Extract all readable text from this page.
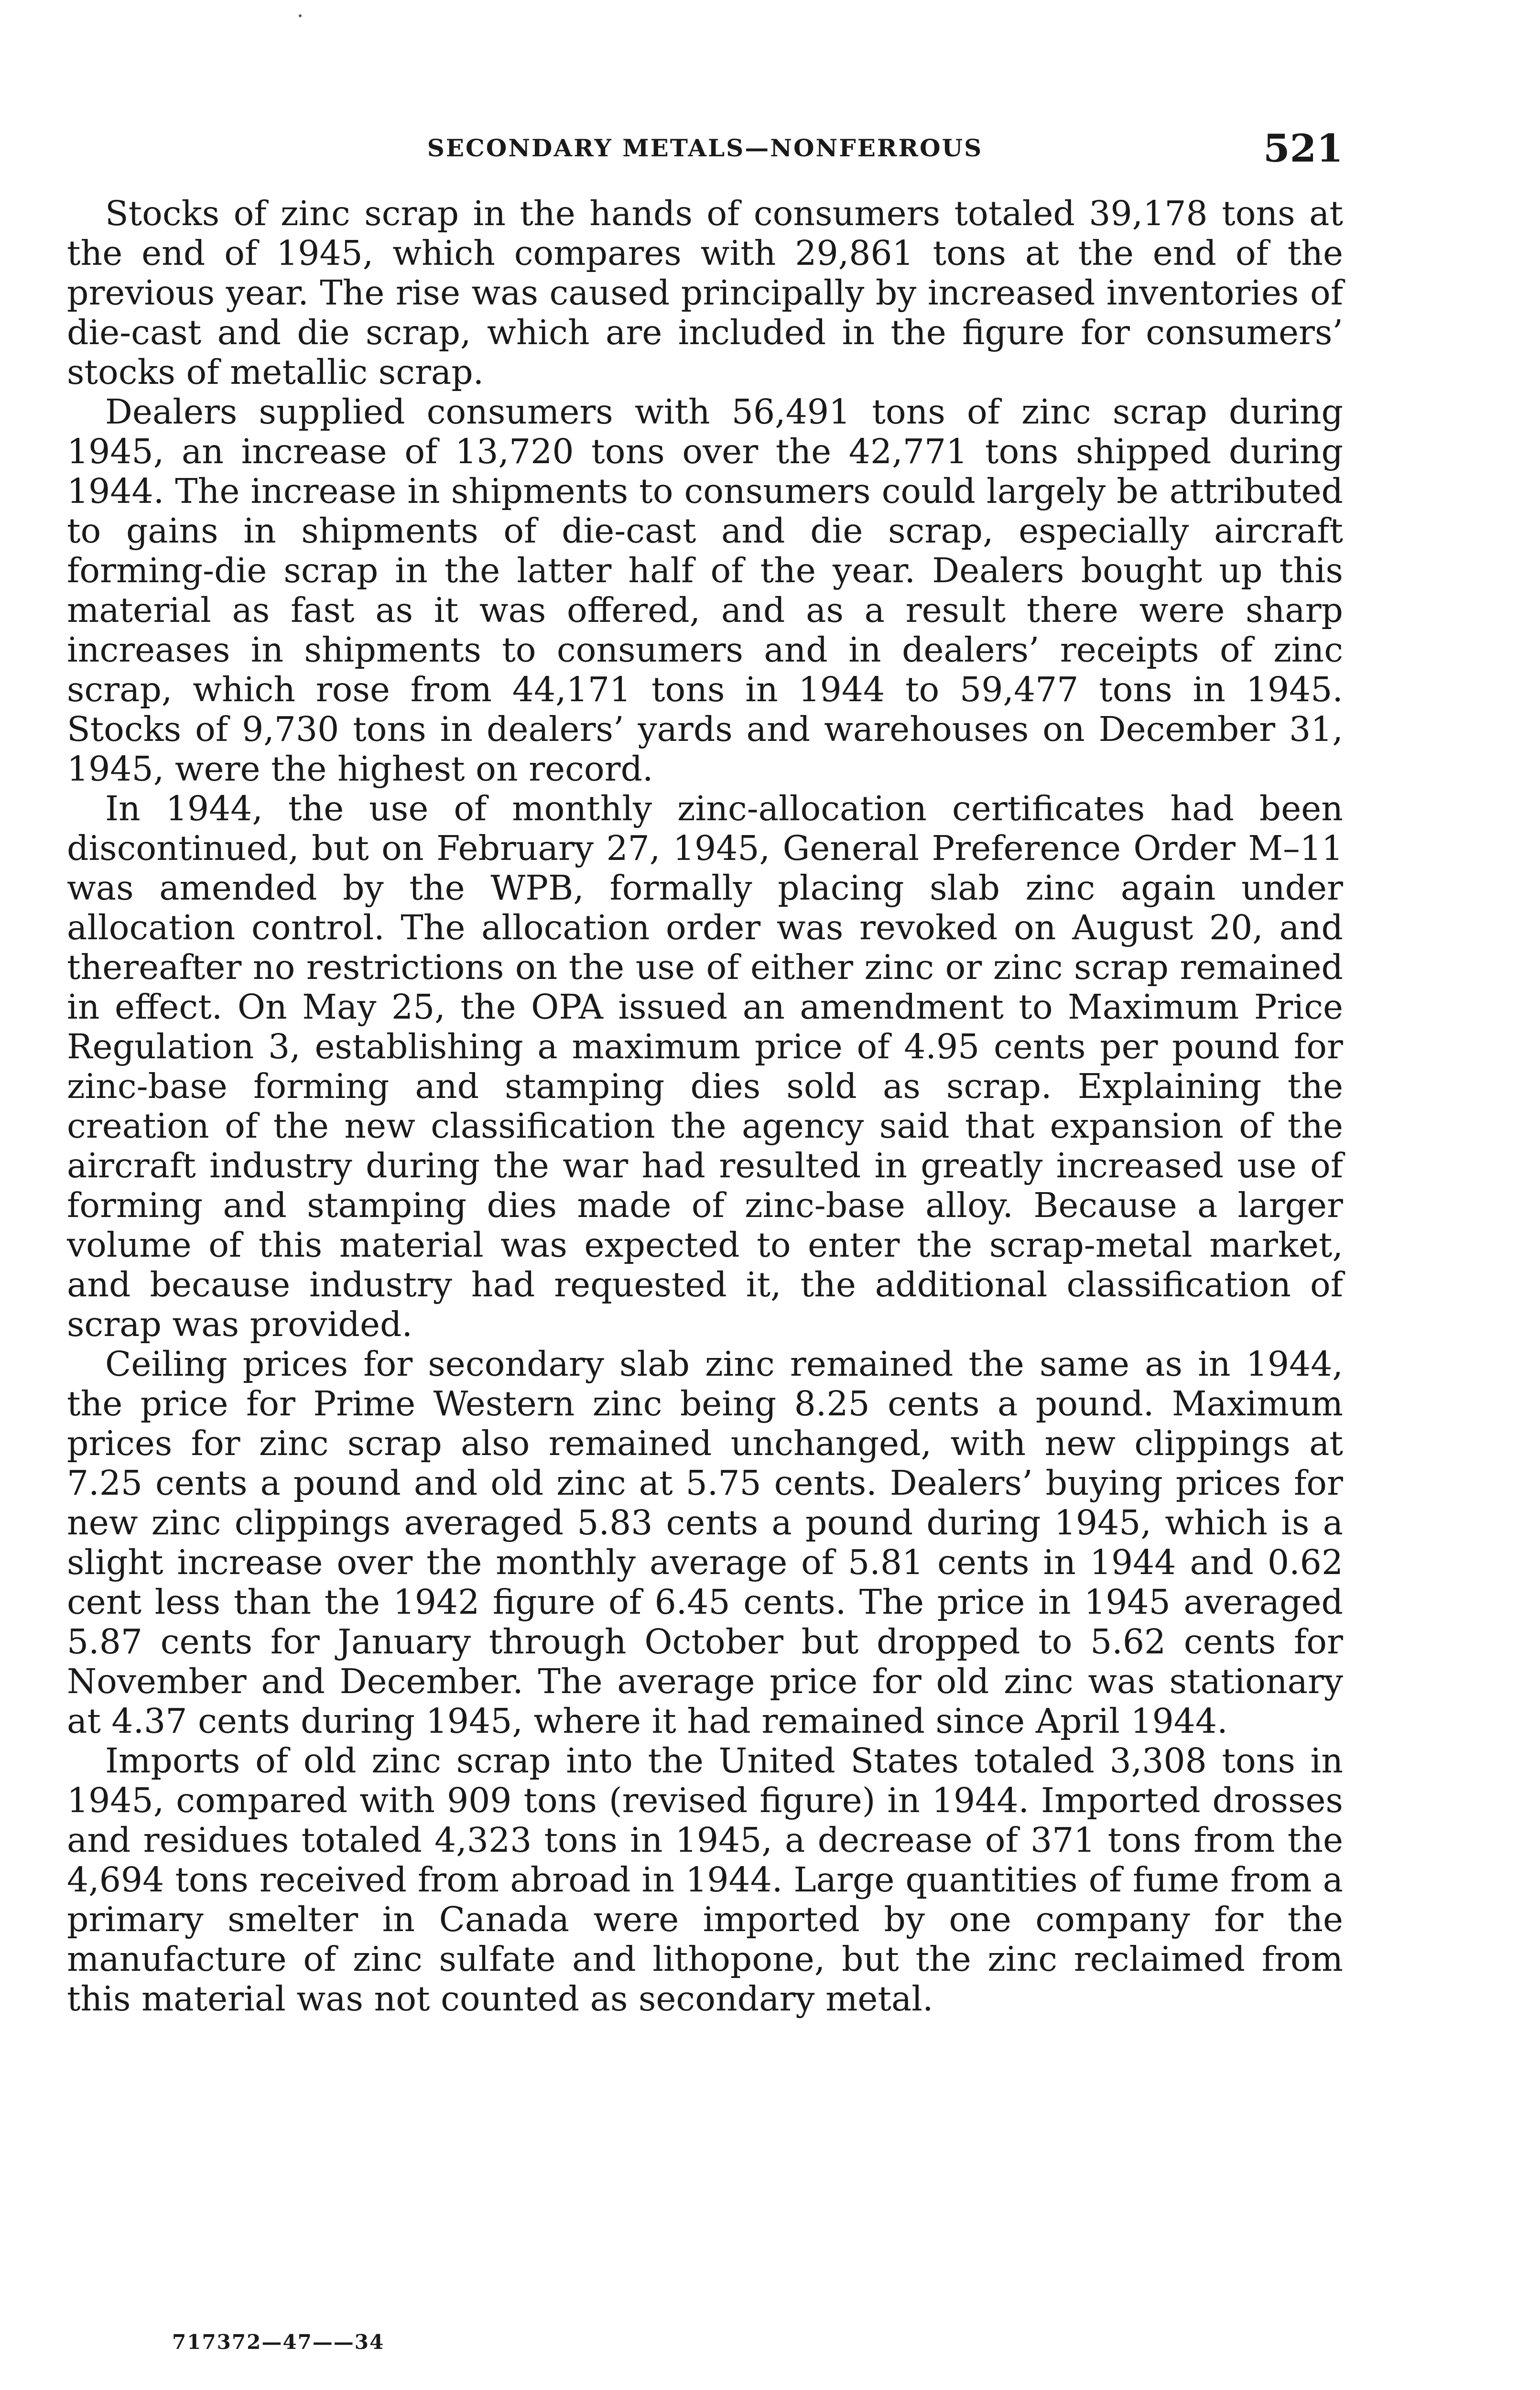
SECONDARY METALS—NONFERROUS	521

Stocks of zinc scrap in the hands of consumers totaled 39,178 tons at the end of 1945, which compares with 29,861 tons at the end of the previous year. The rise was caused principally by increased inventories of die-cast and die scrap, which are included in the figure for consumers’ stocks of metallic scrap.

Dealers supplied consumers with 56,491 tons of zinc scrap during 1945, an increase of 13,720 tons over the 42,771 tons shipped during 1944. The increase in shipments to consumers could largely be attributed to gains in shipments of die-cast and die scrap, especially aircraft forming-die scrap in the latter half of the year. Dealers bought up this material as fast as it was offered, and as a result there were sharp increases in shipments to consumers and in dealers’ receipts of zinc scrap, which rose from 44,171 tons in 1944 to 59,477 tons in 1945. Stocks of 9,730 tons in dealers’ yards and warehouses on December 31, 1945, were the highest on record.

In 1944, the use of monthly zinc-allocation certificates had been discontinued, but on February 27, 1945, General Preference Order M–11 was amended by the WPB, formally placing slab zinc again under allocation control. The allocation order was revoked on August 20, and thereafter no restrictions on the use of either zinc or zinc scrap remained in effect. On May 25, the OPA issued an amendment to Maximum Price Regulation 3, establishing a maximum price of 4.95 cents per pound for zinc-base forming and stamping dies sold as scrap. Explaining the creation of the new classification the agency said that expansion of the aircraft industry during the war had resulted in greatly increased use of forming and stamping dies made of zinc-base alloy. Because a larger volume of this material was expected to enter the scrap-metal market, and because industry had requested it, the additional classification of scrap was provided.

Ceiling prices for secondary slab zinc remained the same as in 1944, the price for Prime Western zinc being 8.25 cents a pound. Maximum prices for zinc scrap also remained unchanged, with new clippings at 7.25 cents a pound and old zinc at 5.75 cents. Dealers’ buying prices for new zinc clippings averaged 5.83 cents a pound during 1945, which is a slight increase over the monthly average of 5.81 cents in 1944 and 0.62 cent less than the 1942 figure of 6.45 cents. The price in 1945 averaged 5.87 cents for January through October but dropped to 5.62 cents for November and December. The average price for old zinc was stationary at 4.37 cents during 1945, where it had remained since April 1944.

Imports of old zinc scrap into the United States totaled 3,308 tons in 1945, compared with 909 tons (revised figure) in 1944. Imported drosses and residues totaled 4,323 tons in 1945, a decrease of 371 tons from the 4,694 tons received from abroad in 1944. Large quantities of fume from a primary smelter in Canada were imported by one company for the manufacture of zinc sulfate and lithopone, but the zinc reclaimed from this material was not counted as secondary metal.

717372—47——34
